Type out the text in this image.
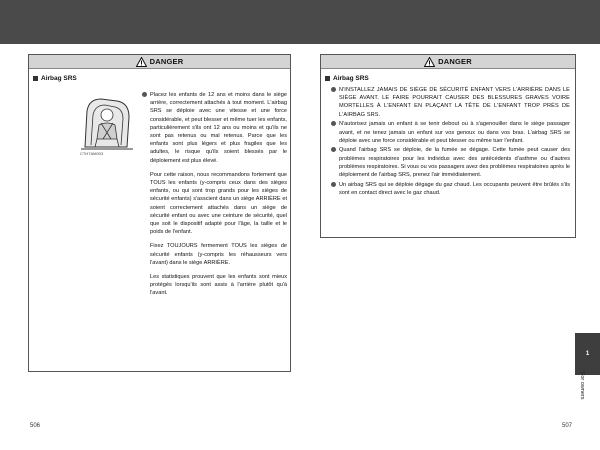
DANGER
Airbag SRS
CTH7AM003
Placez les enfants de 12 ans et moins dans le siège arrière, correctement attachés à tout moment. L'airbag SRS se déploie avec une vitesse et une force considérable, et peut blesser et même tuer les enfants, particulièrement s'ils ont 12 ans ou moins et qu'ils ne sont pas retenus ou mal retenus. Parce que les enfants sont plus légers et plus fragiles que les adultes, le risque qu'ils soient blessés par le déploiement est plus élevé.

Pour cette raison, nous recommandons fortement que TOUS les enfants (y-compris ceux dans des sièges enfants, ou qui sont trop grands pour les sièges de sécurité enfants) s'asscient dans un siège ARRIÈRE et soient correctement attachés dans un siège de sécurité enfant ou avec une ceinture de sécurité, quel que soit le dispositif adapté pour l'âge, la taille et le poids de l'enfant.

Fixez TOUJOURS fermement TOUS les sièges de sécurité enfants (y-compris les réhausseurs vers l'avant) dans le siège ARRIÈRE.

Les statistiques prouvent que les enfants sont mieux protégés lorsqu'ils sont assis à l'arrière plutôt qu'à l'avant.

DANGER
Airbag SRS
N'INSTALLEZ JAMAIS DE SIÈGE DE SÉCURITÉ ENFANT VERS L'ARRIÈRE DANS LE SIÈGE AVANT. LE FAIRE POURRAIT CAUSER DES BLESSURES GRAVES VOIRE MORTELLES À L'ENFANT EN PLAÇANT LA TÊTE DE L'ENFANT TROP PRÈS DE L'AIRBAG SRS.
N'autorisez jamais un enfant à se tenir debout ou à s'agenouiller dans le siège passager avant, et ne tenez jamais un enfant sur vos genoux ou dans vos bras. L'airbag SRS se déploie avec une force considérable et peut blesser ou même tuer l'enfant.
Quand l'airbag SRS se déploie, de la fumée se dégage. Cette fumée peut causer des problèmes respiratoires pour les individus avec des antécédents d'asthme ou d'autres problèmes respiratoires. Si vous ou vos passagers avez des problèmes respiratoires après le déploiement de l'airbag SRS, prenez l'air immédiatement.
Un airbag SRS qui se déploie dégage du gaz chaud. Les occupants peuvent être brûlés s'ils sont en contact direct avec le gaz chaud.
1
For owners
506	507
